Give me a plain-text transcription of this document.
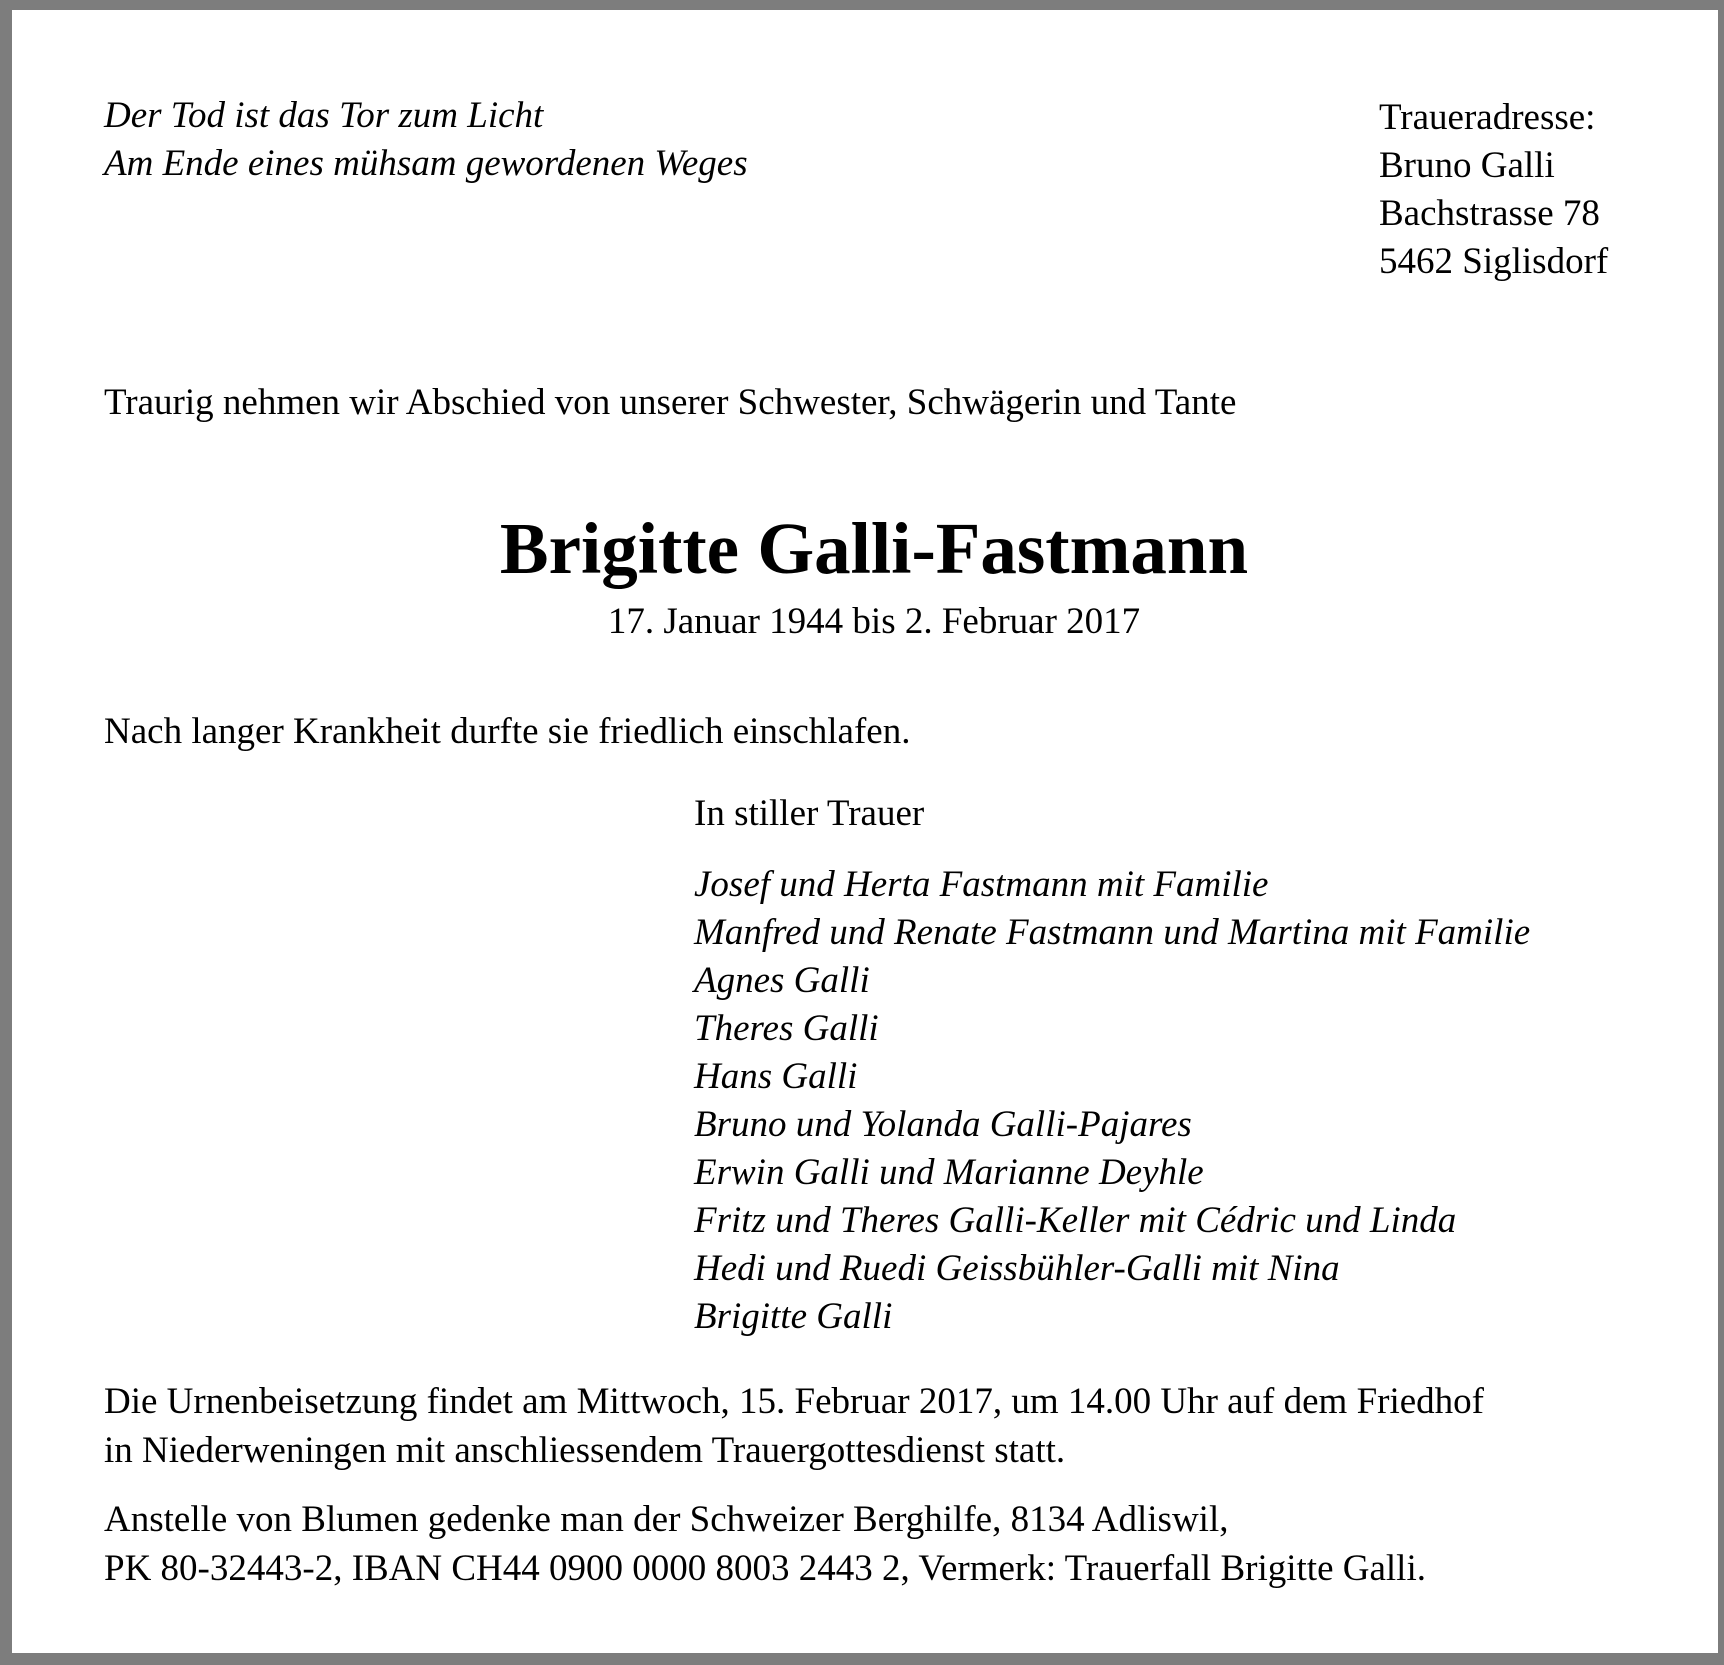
Der Tod ist das Tor zum Licht
Am Ende eines mühsam gewordenen Weges
Traueradresse:
Bruno Galli
Bachstrasse 78
5462 Siglisdorf

Traurig nehmen wir Abschied von unserer Schwester, Schwägerin und Tante

Brigitte Galli-Fastmann

17. Januar 1944 bis 2. Februar 2017

Nach langer Krankheit durfte sie friedlich einschlafen.

In stiller Trauer

Josef und Herta Fastmann mit Familie
Manfred und Renate Fastmann und Martina mit Familie
Agnes Galli
Theres Galli
Hans Galli
Bruno und Yolanda Galli-Pajares
Erwin Galli und Marianne Deyhle
Fritz und Theres Galli-Keller mit Cédric und Linda
Hedi und Ruedi Geissbühler-Galli mit Nina
Brigitte Galli
Die Urnenbeisetzung findet am Mittwoch, 15. Februar 2017, um 14.00 Uhr auf dem Friedhof
in Niederweningen mit anschliessendem Trauergottesdienst statt.
Anstelle von Blumen gedenke man der Schweizer Berghilfe, 8134 Adliswil,
PK 80-32443-2, IBAN CH44 0900 0000 8003 2443 2, Vermerk: Trauerfall Brigitte Galli.
